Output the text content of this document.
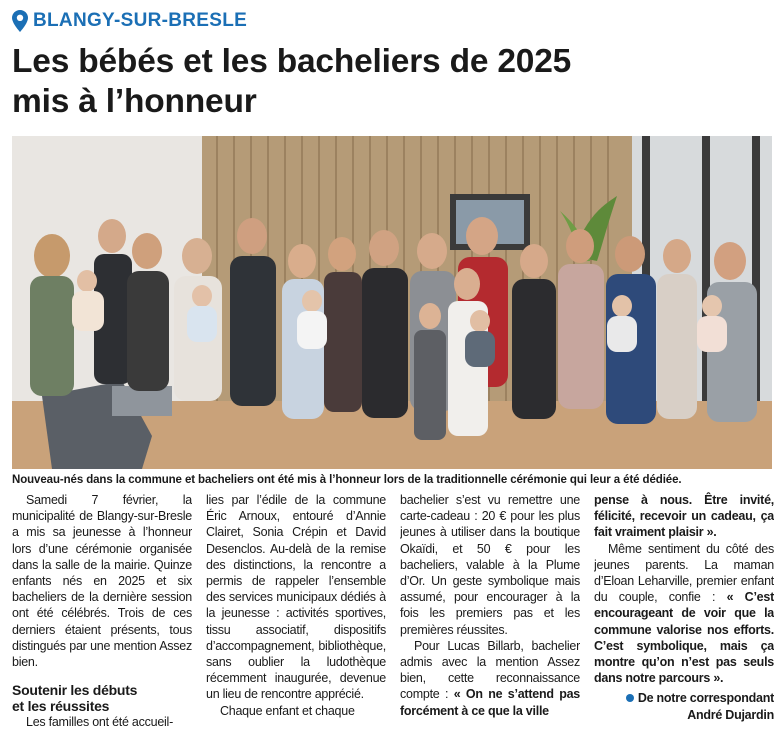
BLANGY-SUR-BRESLE
Les bébés et les bacheliers de 2025
mis à l’honneur
Nouveau-nés dans la commune et bacheliers ont été mis à l’honneur lors de la traditionnelle cérémonie qui leur a été dédiée.

Samedi 7 février, la municipalité de Blangy-sur-Bresle a mis sa jeunesse à l’honneur lors d’une cérémonie organisée dans la salle de la mairie. Quinze enfants nés en 2025 et six bacheliers de la dernière session ont été célébrés. Trois de ces derniers étaient présents, tous distingués par une mention Assez bien.

Soutenir les débuts
et les réussites

Les familles ont été accueil-

lies par l’édile de la commune Éric Arnoux, entouré d’Annie Clairet, Sonia Crépin et David Desenclos. Au-delà de la remise des distinctions, la rencontre a permis de rappeler l’ensemble des services municipaux dédiés à la jeunesse : activités sportives, tissu associatif, dispositifs d’accompagnement, bibliothèque, sans oublier la ludothèque récemment inaugurée, devenue un lieu de rencontre apprécié.

Chaque enfant et chaque

bachelier s’est vu remettre une carte-cadeau : 20 € pour les plus jeunes à utiliser dans la boutique Okaïdi, et 50 € pour les bacheliers, valable à la Plume d’Or. Un geste symbolique mais assumé, pour encourager à la fois les premiers pas et les premières réussites.

Pour Lucas Billarb, bachelier admis avec la mention Assez bien, cette reconnaissance compte : « On ne s’attend pas forcément à ce que la ville

pense à nous. Être invité, félicité, recevoir un cadeau, ça fait vraiment plaisir ».

Même sentiment du côté des jeunes parents. La maman d’Eloan Leharville, premier enfant du couple, confie : « C’est encourageant de voir que la commune valorise nos efforts. C’est symbolique, mais ça montre qu’on n’est pas seuls dans notre parcours ».

De notre correspondant
André Dujardin
